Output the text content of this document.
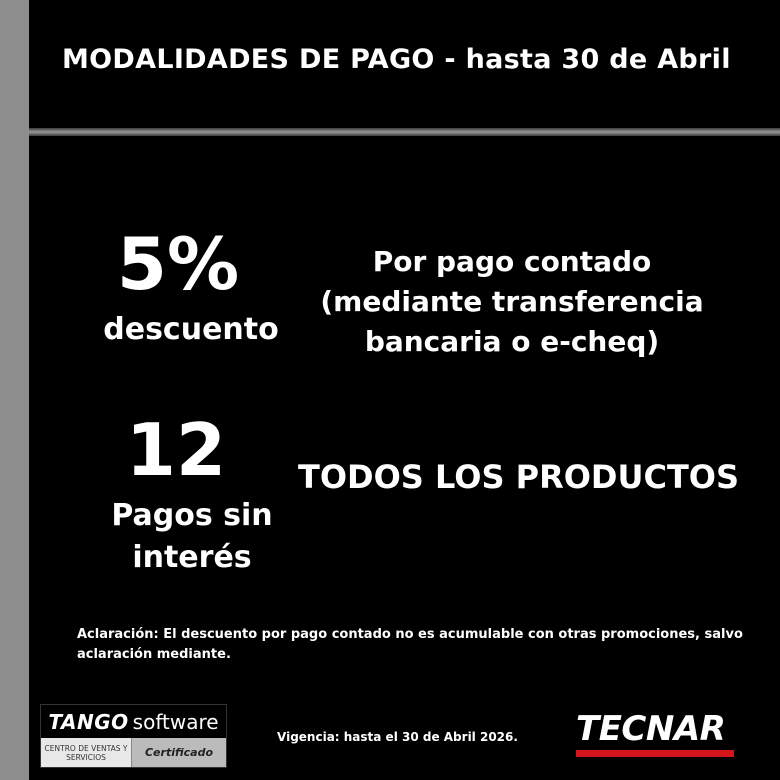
MODALIDADES DE PAGO - hasta 30 de Abril
5%
descuento
Por pago contado
(mediante transferencia
bancaria o e-cheq)
12
Pagos sin
interés
TODOS LOS PRODUCTOS
Aclaración: El descuento por pago contado no es acumulable con otras promociones, salvo aclaración mediante.
TANGO software
CENTRO DE VENTAS Y SERVICIOS	Certificado
Vigencia: hasta el 30 de Abril 2026. TECNAR
